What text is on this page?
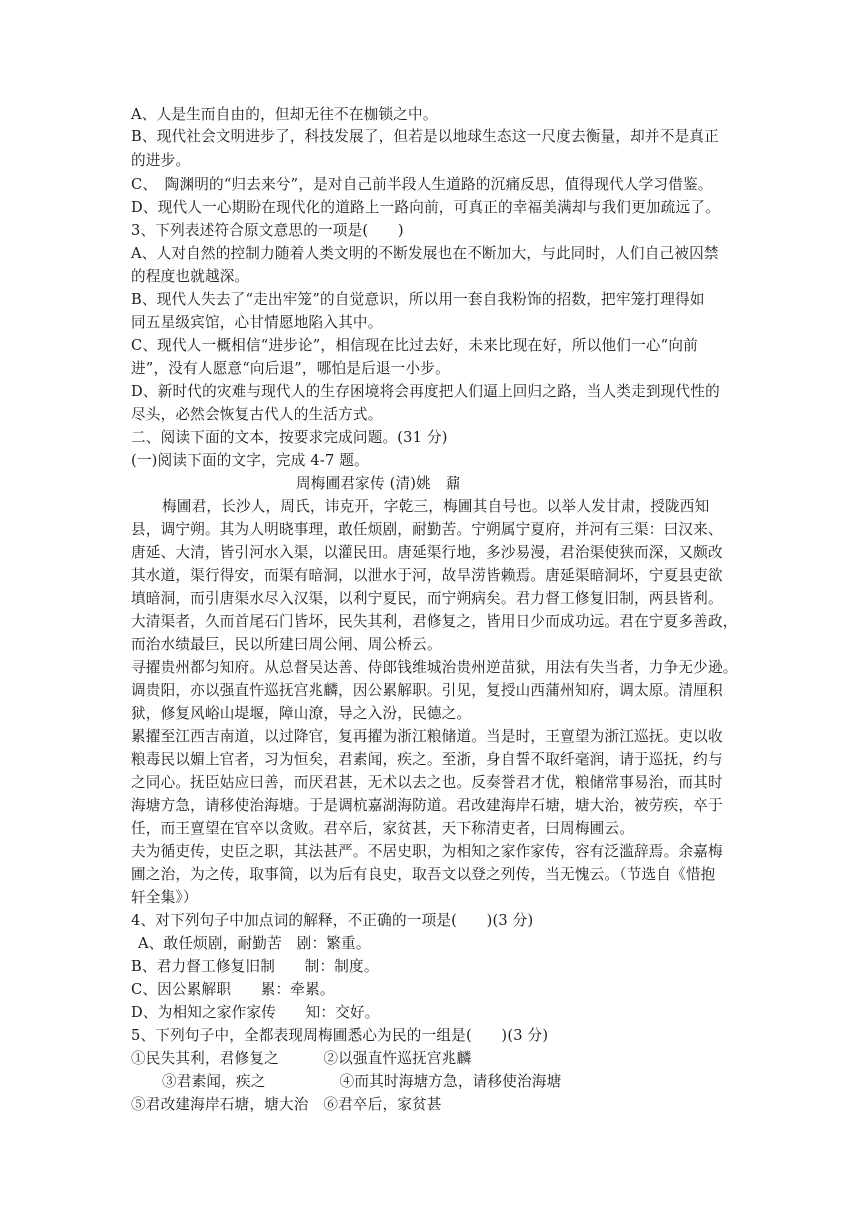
A、人是生而自由的，但却无往不在枷锁之中。
B、现代社会文明进步了，科技发展了，但若是以地球生态这一尺度去衡量，却并不是真正
的进步。
C、　陶渊明的“归去来兮”，是对自己前半段人生道路的沉痛反思，值得现代人学习借鉴。
D、现代人一心期盼在现代化的道路上一路向前，可真正的幸福美满却与我们更加疏远了。
3、下列表述符合原文意思的一项是(　　)
A、人对自然的控制力随着人类文明的不断发展也在不断加大，与此同时，人们自己被囚禁
的程度也就越深。
B、现代人失去了“走出牢笼”的自觉意识，所以用一套自我粉饰的招数，把牢笼打理得如
同五星级宾馆，心甘情愿地陷入其中。
C、现代人一概相信“进步论”，相信现在比过去好，未来比现在好，所以他们一心“向前
进”，没有人愿意“向后退”，哪怕是后退一小步。
D、新时代的灾难与现代人的生存困境将会再度把人们逼上回归之路，当人类走到现代性的
尽头，必然会恢复古代人的生活方式。
二、阅读下面的文本，按要求完成问题。(31 分)
(一)阅读下面的文字，完成 4-7 题。
周梅圃君家传 (清)姚　鼐
梅圃君，长沙人，周氏，讳克开，字乾三，梅圃其自号也。以举人发甘肃，授陇西知
县，调宁朔。其为人明晓事理，敢任烦剧，耐勤苦。宁朔属宁夏府，并河有三渠：曰汉来、
唐延、大清，皆引河水入渠，以灌民田。唐延渠行地，多沙易漫，君治渠使狭而深，又颇改
其水道，渠行得安，而渠有暗洞，以泄水于河，故旱涝皆赖焉。唐延渠暗洞坏，宁夏县吏欲
填暗洞，而引唐渠水尽入汉渠，以利宁夏民，而宁朔病矣。君力督工修复旧制，两县皆利。
大清渠者，久而首尾石门皆坏，民失其利，君修复之，皆用日少而成功远。君在宁夏多善政，
而治水绩最巨，民以所建曰周公闸、周公桥云。
寻擢贵州都匀知府。从总督吴达善、侍郎钱维城治贵州逆苗狱，用法有失当者，力争无少逊。
调贵阳，亦以强直忤巡抚宫兆麟，因公累解职。引见，复授山西蒲州知府，调太原。清厘积
狱，修复风峪山堤堰，障山潦，导之入汾，民德之。
累擢至江西吉南道，以过降官，复再擢为浙江粮储道。当是时，王亶望为浙江巡抚。吏以收
粮毒民以媚上官者，习为恒矣，君素闻，疾之。至浙，身自誓不取纤毫润，请于巡抚，约与
之同心。抚臣姑应曰善，而厌君甚，无术以去之也。反奏誉君才优，粮储常事易治，而其时
海塘方急，请移使治海塘。于是调杭嘉湖海防道。君改建海岸石塘，塘大治，被劳疾，卒于
任，而王亶望在官卒以贪败。君卒后，家贫甚，天下称清吏者，曰周梅圃云。
夫为循吏传，史臣之职，其法甚严。不居史职，为相知之家作家传，容有泛滥辞焉。余嘉梅
圃之治，为之传，取事简，以为后有良史，取吾文以登之列传，当无愧云。（节选自《惜抱
轩全集》）
4、对下列句子中加点词的解释，不正确的一项是(　　)(3 分)
A、敢任烦剧，耐勤苦　剧：繁重。
B、君力督工修复旧制　　制：制度。
C、因公累解职　　累：牵累。
D、为相知之家作家传　　知：交好。
5、下列句子中，全都表现周梅圃悉心为民的一组是(　　)(3 分)
①民失其利，君修复之　　　②以强直忤巡抚宫兆麟
③君素闻，疾之　　　　　④而其时海塘方急，请移使治海塘
⑤君改建海岸石塘，塘大治　⑥君卒后，家贫甚
